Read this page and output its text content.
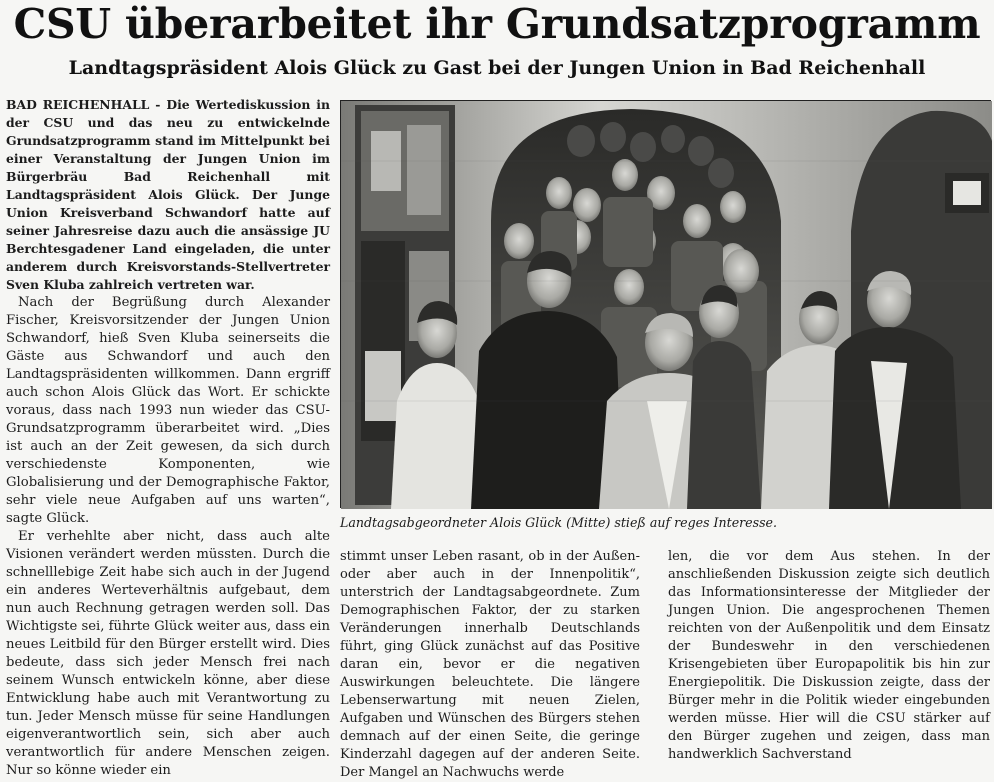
CSU überarbeitet ihr Grundsatzprogramm
Landtagspräsident Alois Glück zu Gast bei der Jungen Union in Bad Reichenhall

BAD REICHENHALL - Die Wertediskussion in der CSU und das neu zu entwickelnde Grundsatzprogramm stand im Mittelpunkt bei einer Veranstaltung der Jungen Union im Bürgerbräu Bad Reichenhall mit Landtagspräsident Alois Glück. Der Junge Union Kreisverband Schwandorf hatte auf seiner Jahresreise dazu auch die ansässige JU Berchtesgadener Land eingeladen, die unter anderem durch Kreisvorstands-Stellvertreter Sven Kluba zahlreich vertreten war.

Nach der Begrüßung durch Alexander Fischer, Kreisvorsitzender der Jungen Union Schwandorf, hieß Sven Kluba seinerseits die Gäste aus Schwandorf und auch den Landtagspräsidenten willkommen. Dann ergriff auch schon Alois Glück das Wort. Er schickte voraus, dass nach 1993 nun wieder das CSU-Grundsatzprogramm überarbeitet wird. „Dies ist auch an der Zeit gewesen, da sich durch verschiedenste Komponenten, wie Globalisierung und der Demographische Faktor, sehr viele neue Aufgaben auf uns warten“, sagte Glück.

Er verhehlte aber nicht, dass auch alte Visionen verändert werden müssten. Durch die schnelllebige Zeit habe sich auch in der Jugend ein anderes Werteverhältnis aufgebaut, dem nun auch Rechnung getragen werden soll. Das Wichtigste sei, führte Glück weiter aus, dass ein neues Leitbild für den Bürger erstellt wird. Dies bedeute, dass sich jeder Mensch frei nach seinem Wunsch entwickeln könne, aber diese Entwicklung habe auch mit Verantwortung zu tun. Jeder Mensch müsse für seine Handlungen eigenverantwortlich sein, sich aber auch verantwortlich für andere Menschen zeigen. Nur so könne wieder ein

Landtagsabgeordneter Alois Glück (Mitte) stieß auf reges Interesse.

stimmt unser Leben rasant, ob in der Außen- oder aber auch in der Innenpolitik“, unterstrich der Landtagsabgeordnete. Zum Demographischen Faktor, der zu starken Veränderungen innerhalb Deutschlands führt, ging Glück zunächst auf das Positive daran ein, bevor er die negativen Auswirkungen beleuchtete. Die längere Lebenserwartung mit neuen Zielen, Aufgaben und Wünschen des Bürgers stehen demnach auf der einen Seite, die geringe Kinderzahl dagegen auf der anderen Seite. Der Mangel an Nachwuchs werde

len, die vor dem Aus stehen. In der anschließenden Diskussion zeigte sich deutlich das Informationsinteresse der Mitglieder der Jungen Union. Die angesprochenen Themen reichten von der Außenpolitik und dem Einsatz der Bundeswehr in den verschiedenen Krisengebieten über Europapolitik bis hin zur Energiepolitik. Die Diskussion zeigte, dass der Bürger mehr in die Politik wieder eingebunden werden müsse. Hier will die CSU stärker auf den Bürger zugehen und zeigen, dass man handwerklich Sachverstand
